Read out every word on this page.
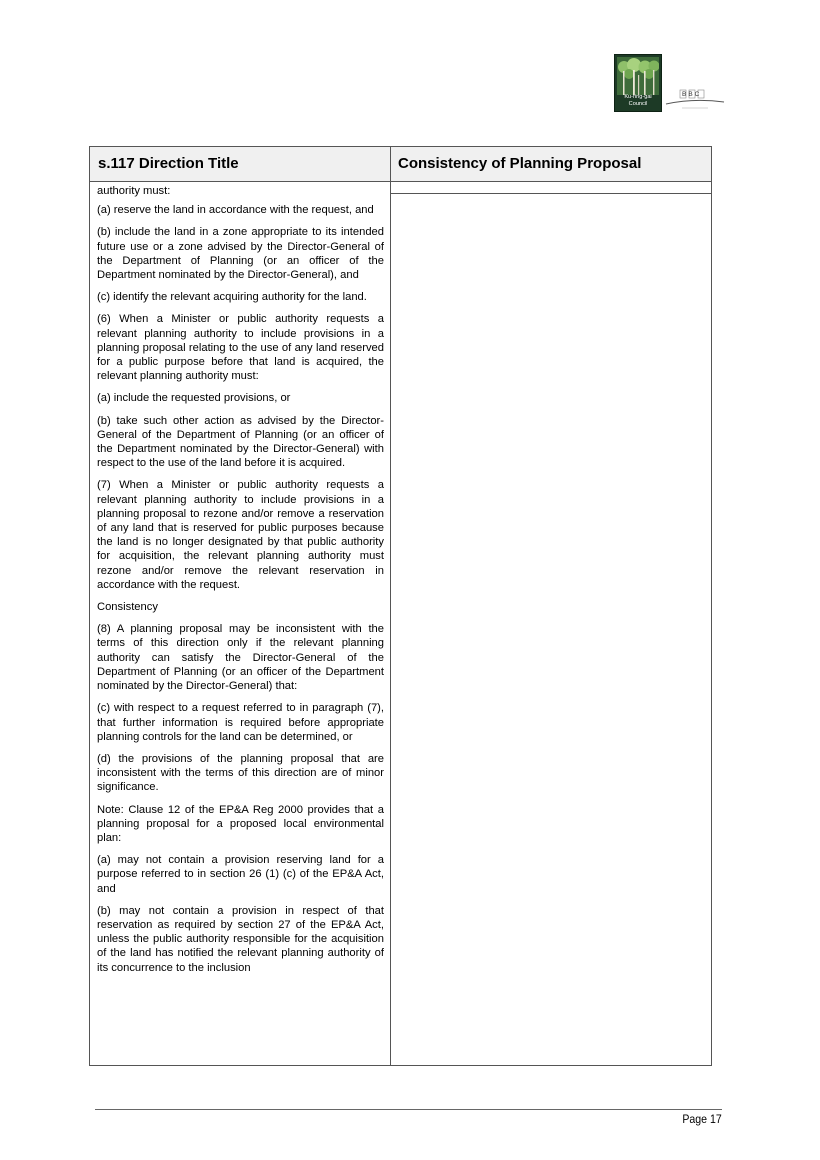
Ku-ring-gai
Council
BBC
s.117 Direction Title	Consistency of Planning Proposal

authority must:

(a) reserve the land in accordance with the request, and

(b) include the land in a zone appropriate to its intended future use or a zone advised by the Director-General of the Department of Planning (or an officer of the Department nominated by the Director-General), and

(c) identify the relevant acquiring authority for the land.

(6) When a Minister or public authority requests a relevant planning authority to include provisions in a planning proposal relating to the use of any land reserved for a public purpose before that land is acquired, the relevant planning authority must:

(a) include the requested provisions, or

(b) take such other action as advised by the Director-General of the Department of Planning (or an officer of the Department nominated by the Director-General) with respect to the use of the land before it is acquired.

(7) When a Minister or public authority requests a relevant planning authority to include provisions in a planning proposal to rezone and/or remove a reservation of any land that is reserved for public purposes because the land is no longer designated by that public authority for acquisition, the relevant planning authority must rezone and/or remove the relevant reservation in accordance with the request.

Consistency

(8) A planning proposal may be inconsistent with the terms of this direction only if the relevant planning authority can satisfy the Director-General of the Department of Planning (or an officer of the Department nominated by the Director-General) that:

(c) with respect to a request referred to in paragraph (7), that further information is required before appropriate planning controls for the land can be determined, or

(d) the provisions of the planning proposal that are inconsistent with the terms of this direction are of minor significance.

Note: Clause 12 of the EP&A Reg 2000 provides that a planning proposal for a proposed local environmental plan:

(a) may not contain a provision reserving land for a purpose referred to in section 26 (1) (c) of the EP&A Act, and

(b) may not contain a provision in respect of that reservation as required by section 27 of the EP&A Act, unless the public authority responsible for the acquisition of the land has notified the relevant planning authority of its concurrence to the inclusion

Page 17
